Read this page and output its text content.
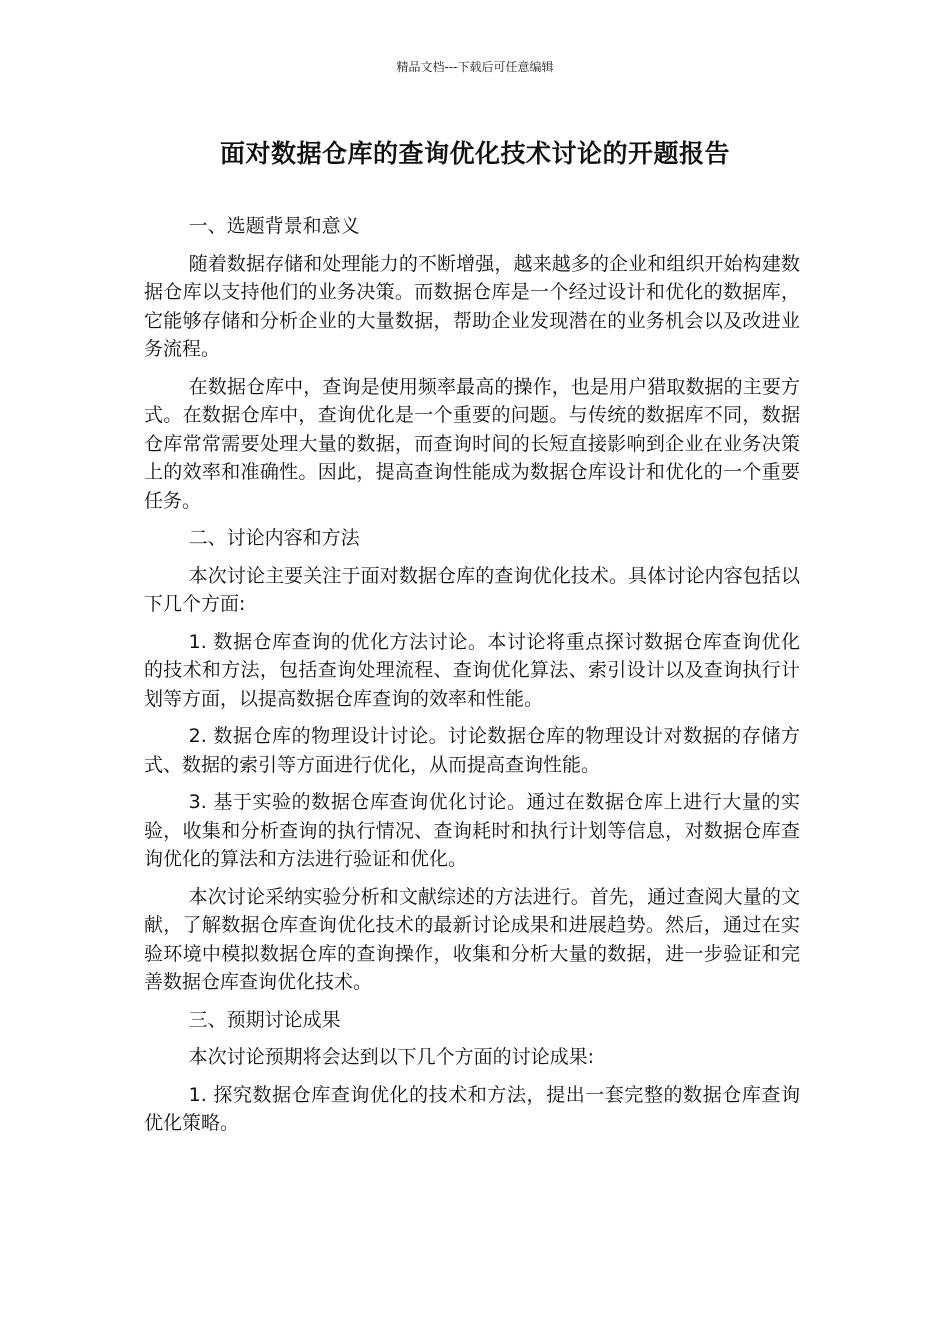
精品文档---下载后可任意编辑
面对数据仓库的查询优化技术讨论的开题报告

一、选题背景和意义

随着数据存储和处理能力的不断增强，越来越多的企业和组织开始构建数据仓库以支持他们的业务决策。而数据仓库是一个经过设计和优化的数据库，它能够存储和分析企业的大量数据，帮助企业发现潜在的业务机会以及改进业务流程。

在数据仓库中，查询是使用频率最高的操作，也是用户猎取数据的主要方式。在数据仓库中，查询优化是一个重要的问题。与传统的数据库不同，数据仓库常常需要处理大量的数据，而查询时间的长短直接影响到企业在业务决策上的效率和准确性。因此，提高查询性能成为数据仓库设计和优化的一个重要任务。

二、讨论内容和方法

本次讨论主要关注于面对数据仓库的查询优化技术。具体讨论内容包括以下几个方面:

1. 数据仓库查询的优化方法讨论。本讨论将重点探讨数据仓库查询优化的技术和方法，包括查询处理流程、查询优化算法、索引设计以及查询执行计划等方面，以提高数据仓库查询的效率和性能。

2. 数据仓库的物理设计讨论。讨论数据仓库的物理设计对数据的存储方式、数据的索引等方面进行优化，从而提高查询性能。

3. 基于实验的数据仓库查询优化讨论。通过在数据仓库上进行大量的实验，收集和分析查询的执行情况、查询耗时和执行计划等信息，对数据仓库查询优化的算法和方法进行验证和优化。

本次讨论采纳实验分析和文献综述的方法进行。首先，通过查阅大量的文献，了解数据仓库查询优化技术的最新讨论成果和进展趋势。然后，通过在实验环境中模拟数据仓库的查询操作，收集和分析大量的数据，进一步验证和完善数据仓库查询优化技术。

三、预期讨论成果

本次讨论预期将会达到以下几个方面的讨论成果:

1. 探究数据仓库查询优化的技术和方法，提出一套完整的数据仓库查询优化策略。
